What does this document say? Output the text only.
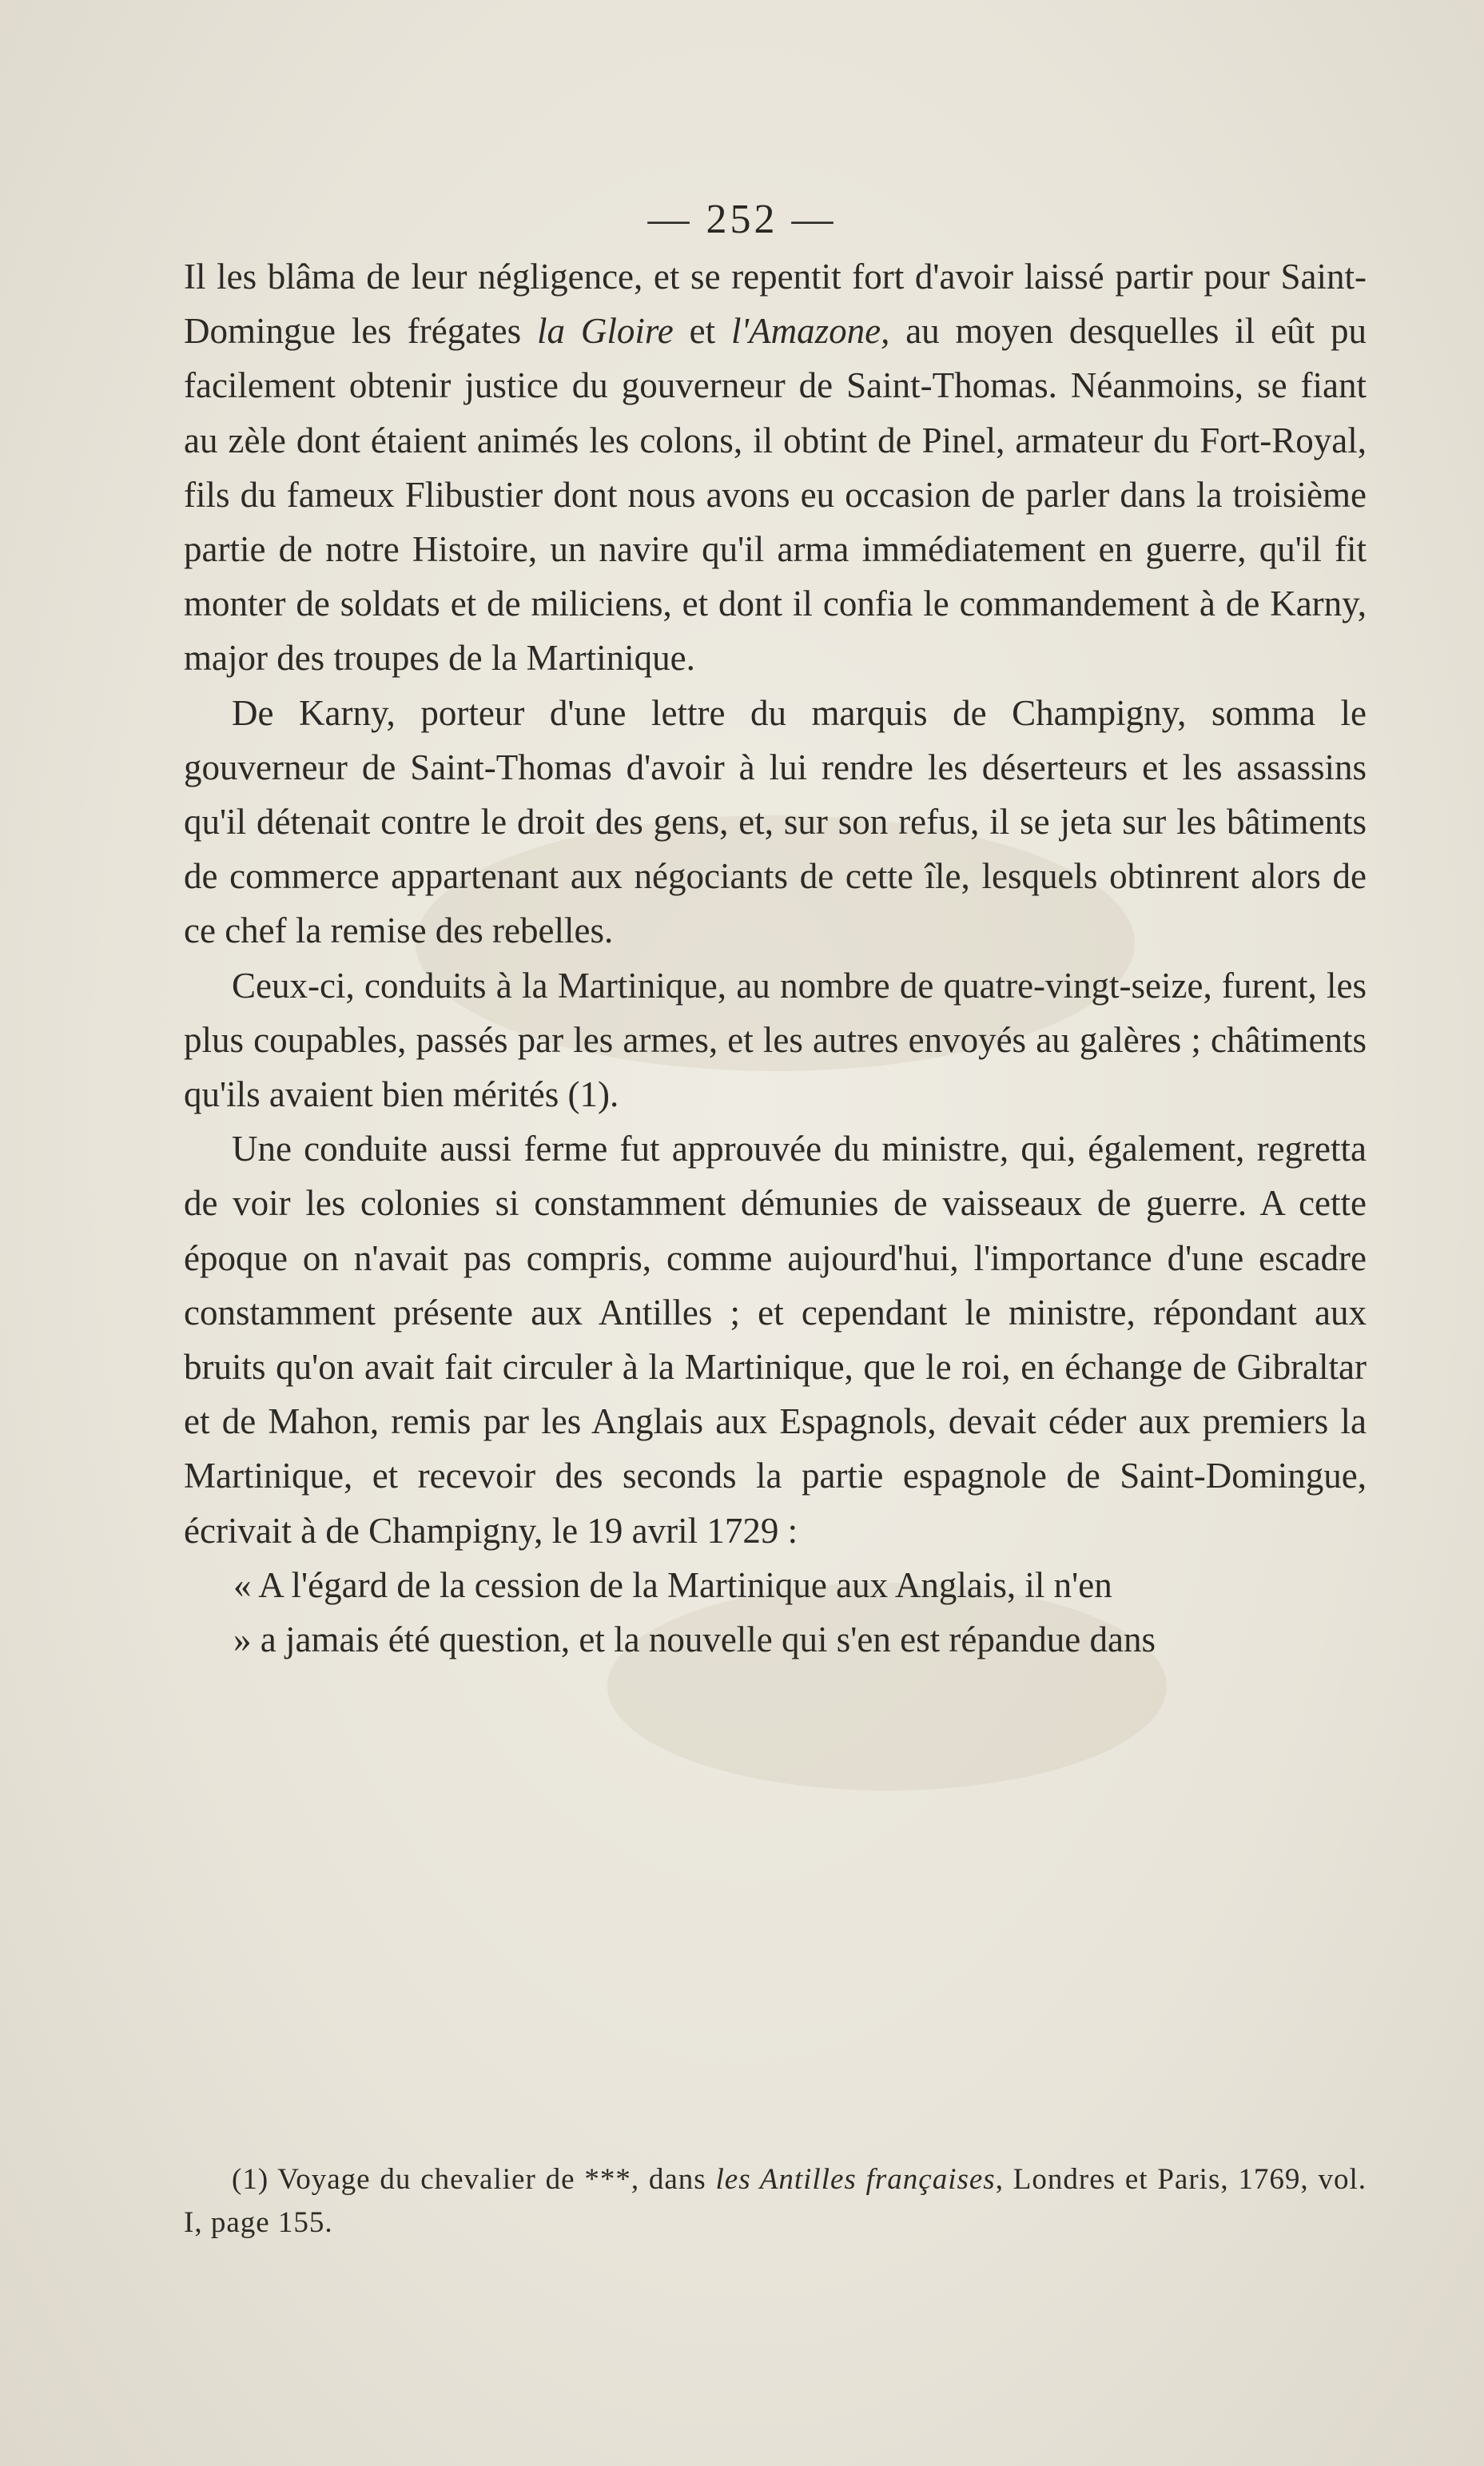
— 252 —

Il les blâma de leur négligence, et se repentit fort d'avoir laissé partir pour Saint-Domingue les frégates la Gloire et l'Amazone, au moyen desquelles il eût pu facilement obtenir justice du gouverneur de Saint-Thomas. Néanmoins, se fiant au zèle dont étaient animés les colons, il obtint de Pinel, armateur du Fort-Royal, fils du fameux Flibustier dont nous avons eu occasion de parler dans la troisième partie de notre Histoire, un navire qu'il arma immédiatement en guerre, qu'il fit monter de soldats et de miliciens, et dont il confia le commandement à de Karny, major des troupes de la Martinique.

De Karny, porteur d'une lettre du marquis de Champigny, somma le gouverneur de Saint-Thomas d'avoir à lui rendre les déserteurs et les assassins qu'il détenait contre le droit des gens, et, sur son refus, il se jeta sur les bâtiments de commerce appartenant aux négociants de cette île, lesquels obtinrent alors de ce chef la remise des rebelles.

Ceux-ci, conduits à la Martinique, au nombre de quatre-vingt-seize, furent, les plus coupables, passés par les armes, et les autres envoyés au galères ; châtiments qu'ils avaient bien mérités (1).

Une conduite aussi ferme fut approuvée du ministre, qui, également, regretta de voir les colonies si constamment démunies de vaisseaux de guerre. A cette époque on n'avait pas compris, comme aujourd'hui, l'importance d'une escadre constamment présente aux Antilles ; et cependant le ministre, répondant aux bruits qu'on avait fait circuler à la Martinique, que le roi, en échange de Gibraltar et de Mahon, remis par les Anglais aux Espagnols, devait céder aux premiers la Martinique, et recevoir des seconds la partie espagnole de Saint-Domingue, écrivait à de Champigny, le 19 avril 1729 :

« A l'égard de la cession de la Martinique aux Anglais, il n'en
» a jamais été question, et la nouvelle qui s'en est répandue dans

(1) Voyage du chevalier de ***, dans les Antilles françaises, Londres et Paris, 1769, vol. I, page 155.
